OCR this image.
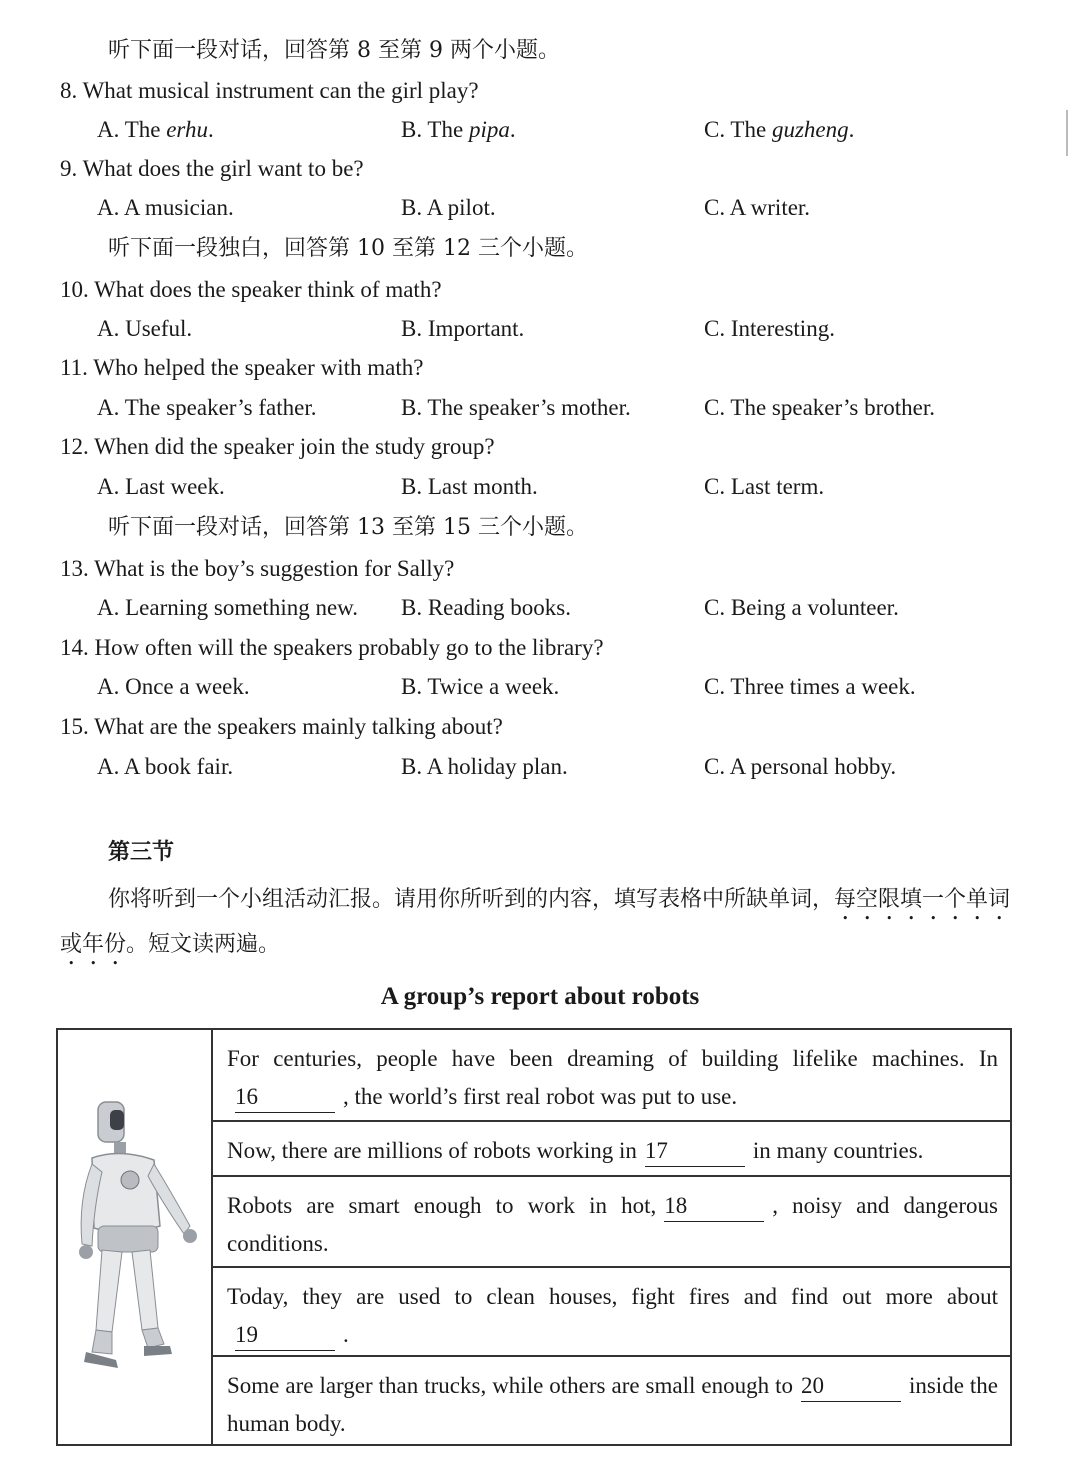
听下面一段对话，回答第 8 至第 9 两个小题。
8. What musical instrument can the girl play?
A. The erhu.	B. The pipa.	C. The guzheng.
9. What does the girl want to be?
A. A musician.	B. A pilot.	C. A writer.
听下面一段独白，回答第 10 至第 12 三个小题。
10. What does the speaker think of math?
A. Useful.	B. Important.	C. Interesting.
11. Who helped the speaker with math?
A. The speaker’s father.	B. The speaker’s mother.	C. The speaker’s brother.
12. When did the speaker join the study group?
A. Last week.	B. Last month.	C. Last term.
听下面一段对话，回答第 13 至第 15 三个小题。
13. What is the boy’s suggestion for Sally?
A. Learning something new. B. Reading books.	C. Being a volunteer.
14. How often will the speakers probably go to the library?
A. Once a week.	B. Twice a week.	C. Three times a week.
15. What are the speakers mainly talking about?
A. A book fair.	B. A holiday plan.	C. A personal hobby.
第三节
你将听到一个小组活动汇报。请用你所听到的内容，填写表格中所缺单词，每空限填一个单词或年份。短文读两遍。
A group’s report about robots
For centuries, people have been dreaming of building lifelike machines. In16	, the world’s first real robot was put to use.
Now, there are millions of robots working in 17	in many countries.
Robots are smart enough to work in hot, 18	, noisy and dangerous conditions.
Today, they are used to clean houses, fight fires and find out more about19	.
Some are larger than trucks, while others are small enough to 20	inside the human body.
